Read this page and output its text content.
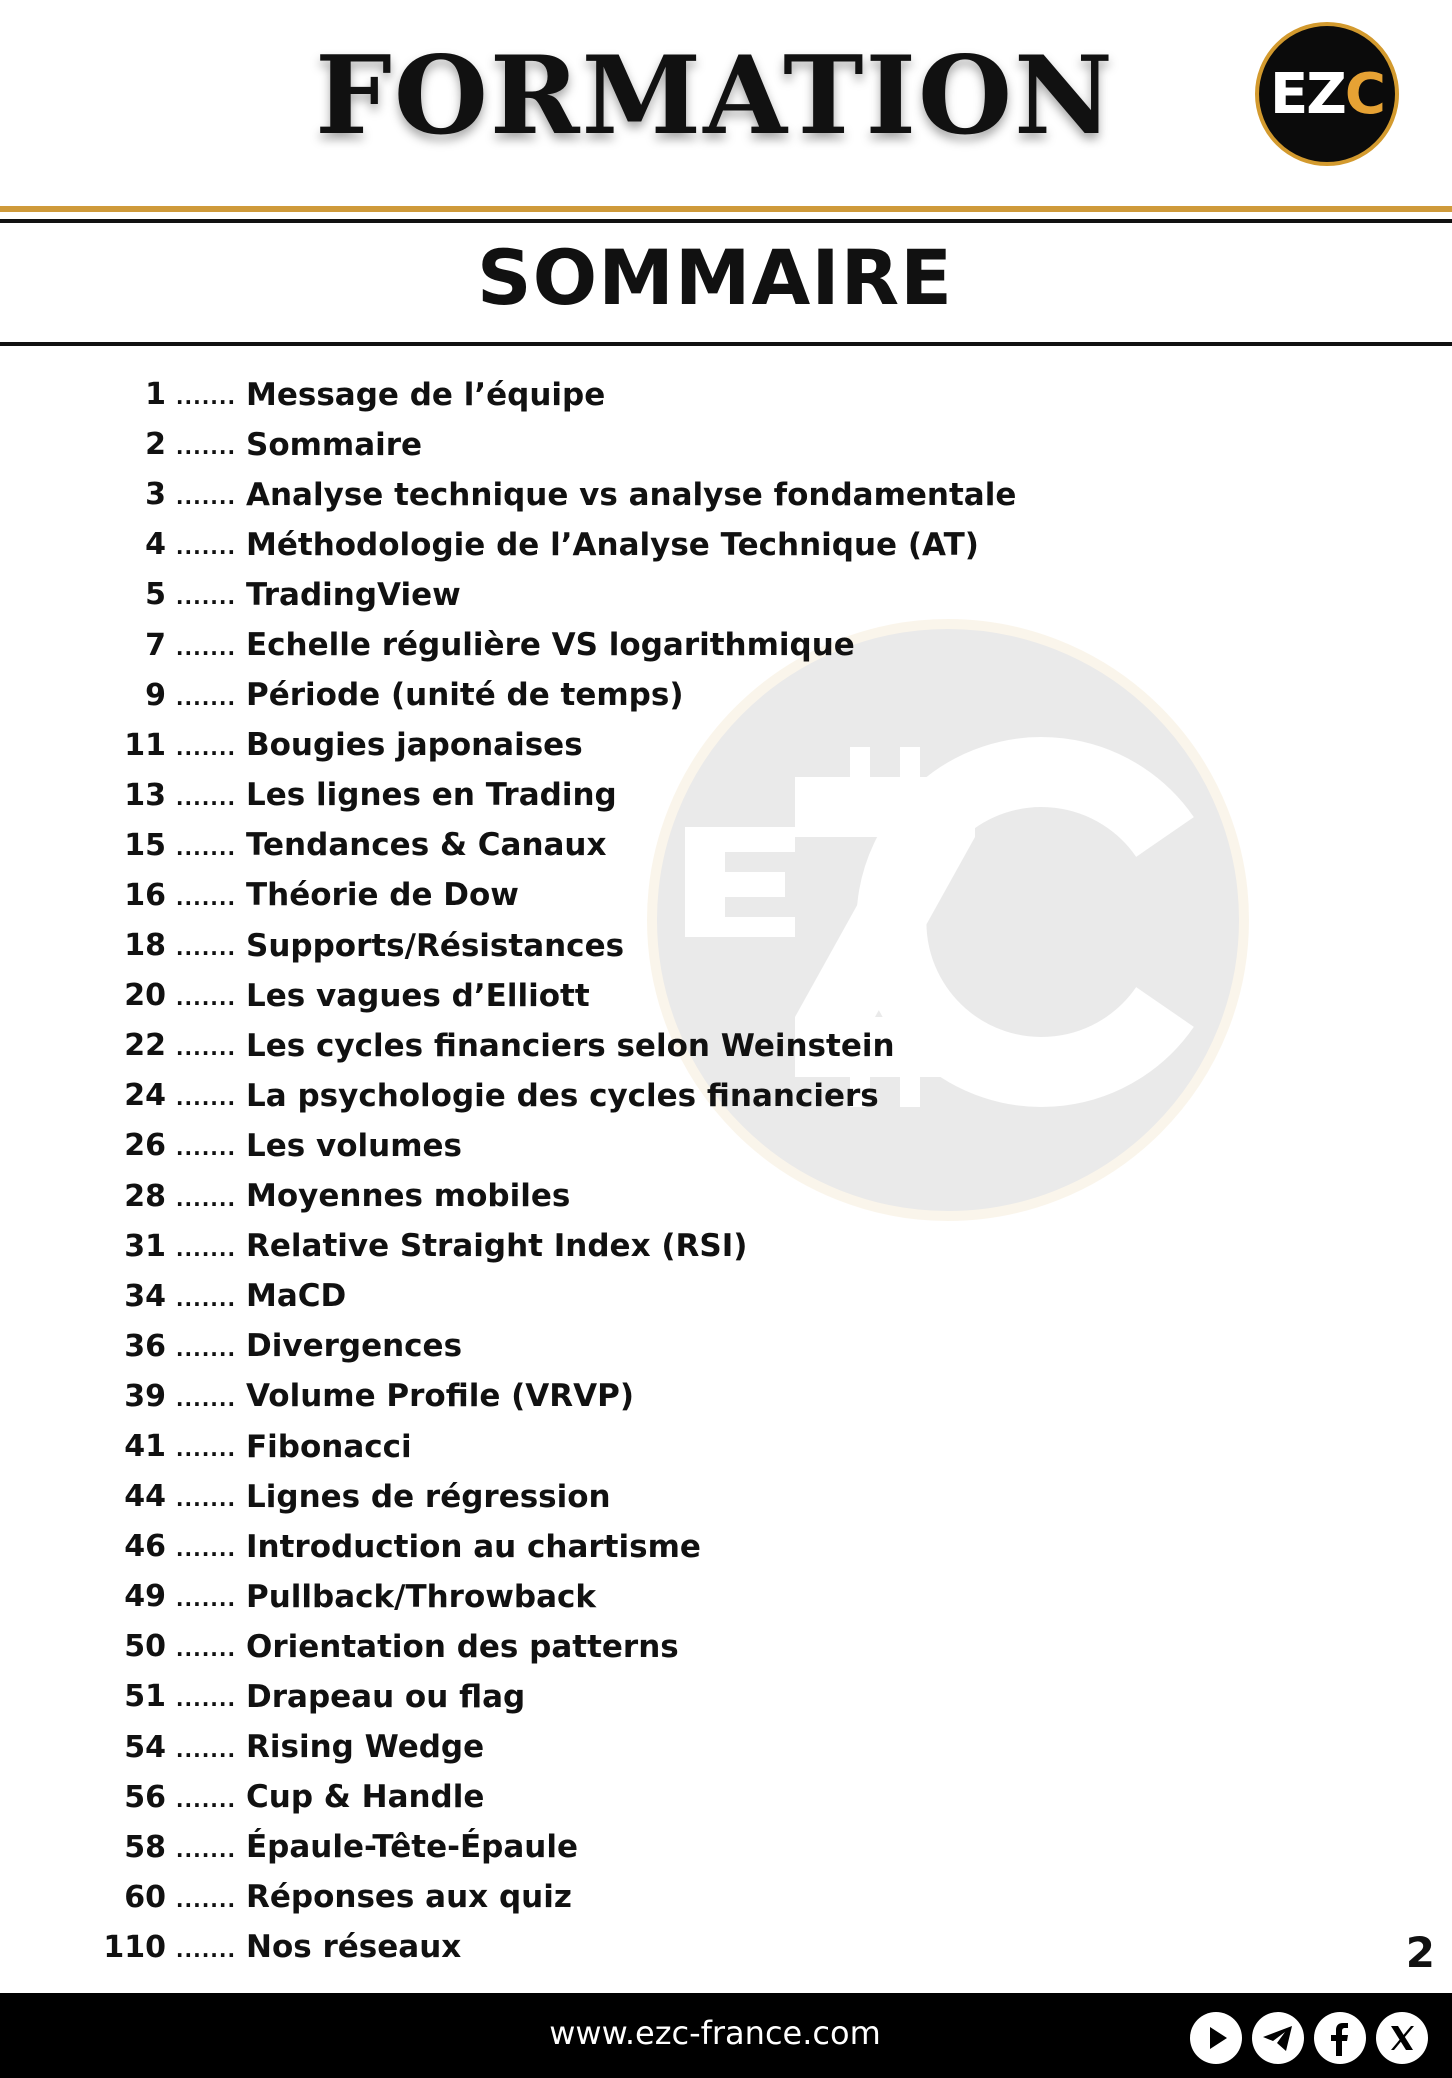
FORMATION	EZC
SOMMAIRE
1 ....... Message de l’équipe
2 ....... Sommaire
3 ....... Analyse technique vs analyse fondamentale
4 ....... Méthodologie de l’Analyse Technique (AT)
5 ....... TradingView
7 ....... Echelle régulière VS logarithmique
9 ....... Période (unité de temps)
11 ....... Bougies japonaises
13 ....... Les lignes en Trading
15 ....... Tendances & Canaux
16 ....... Théorie de Dow
18 ....... Supports/Résistances
20 ....... Les vagues d’Elliott
22 ....... Les cycles financiers selon Weinstein
24 ....... La psychologie des cycles financiers
26 ....... Les volumes
28 ....... Moyennes mobiles
31 ....... Relative Straight Index (RSI)
34 ....... MaCD
36 ....... Divergences
39 ....... Volume Profile (VRVP)
41 ....... Fibonacci
44 ....... Lignes de régression
46 ....... Introduction au chartisme
49 ....... Pullback/Throwback
50 ....... Orientation des patterns
51 ....... Drapeau ou flag
54 ....... Rising Wedge
56 ....... Cup & Handle
58 ....... Épaule-Tête-Épaule
60 ....... Réponses aux quiz
110 ....... Nos réseaux	2
www.ezc-france.com
